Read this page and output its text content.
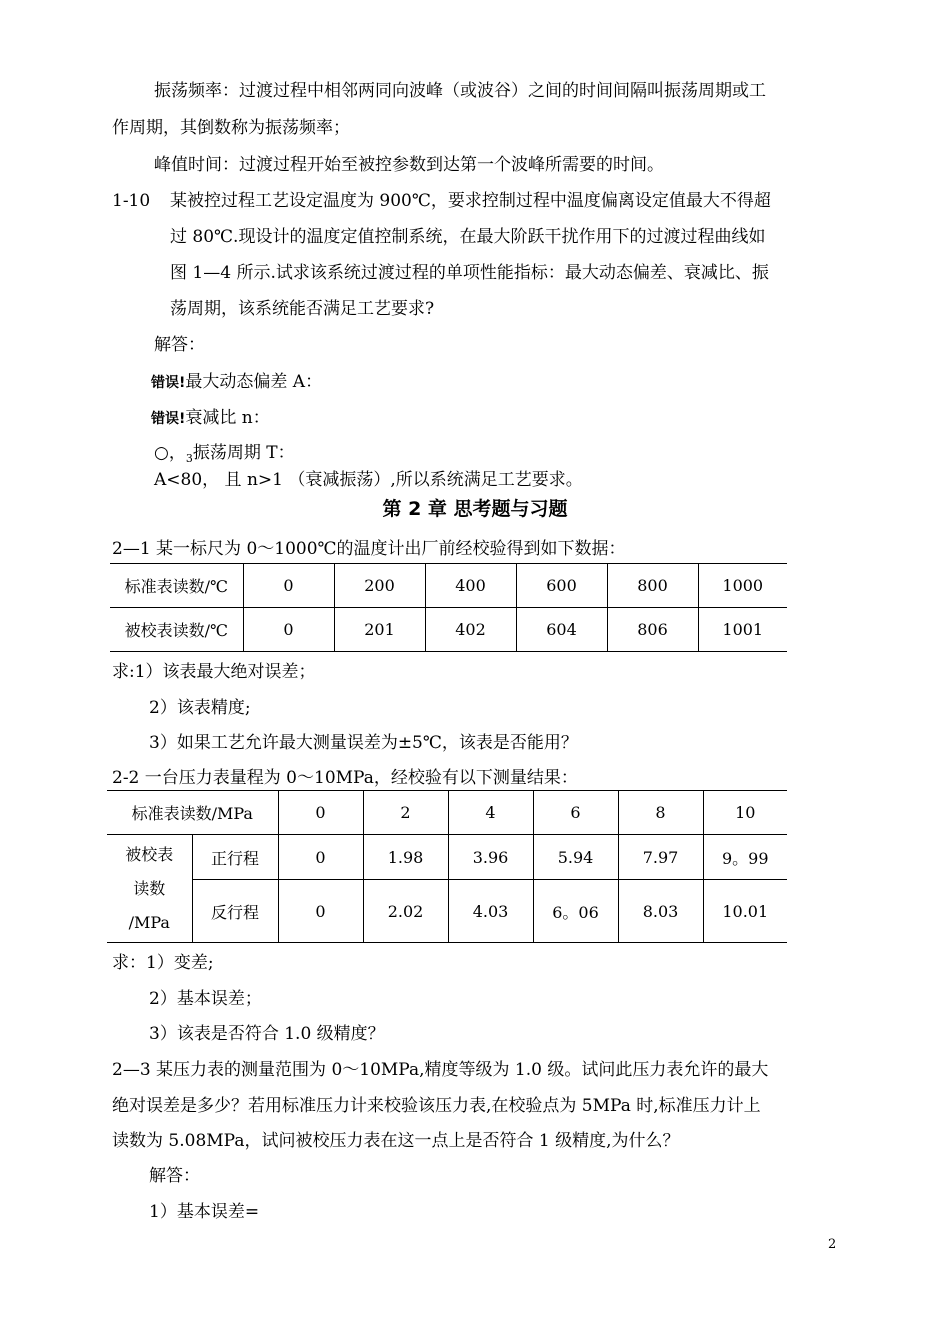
振荡频率：过渡过程中相邻两同向波峰（或波谷）之间的时间间隔叫振荡周期或工
作周期，其倒数称为振荡频率；
峰值时间：过渡过程开始至被控参数到达第一个波峰所需要的时间。
1-10 某被控过程工艺设定温度为 900℃，要求控制过程中温度偏离设定值最大不得超
过 80℃.现设计的温度定值控制系统，在最大阶跃干扰作用下的过渡过程曲线如
图 1—4 所示.试求该系统过渡过程的单项性能指标：最大动态偏差、衰减比、振
荡周期，该系统能否满足工艺要求?
解答：
错误!最大动态偏差 A：
错误!衰减比 n：
○，$_3$振荡周期 T：
A<80， 且 n>1 （衰减振荡）,所以系统满足工艺要求。
第 2 章 思考题与习题
2—1 某一标尺为 0～1000℃的温度计出厂前经校验得到如下数据：
标准表读数/℃	0	200	400	600	800	1000
被校表读数/℃	0	201	402	604	806	1001
求:1）该表最大绝对误差；
2）该表精度;
3）如果工艺允许最大测量误差为±5℃，该表是否能用？
2-2 一台压力表量程为 0～10MPa，经校验有以下测量结果：
标准表读数/MPa		0	2	4	6	8	10

被校表
读数
/MPa	正行程	0	1.98	3.96	5.94	7.97	9。99
	反行程	0	2.02	4.03	6。06	8.03	10.01
求：1）变差;
2）基本误差；
3）该表是否符合 1.0 级精度？
2—3 某压力表的测量范围为 0～10MPa,精度等级为 1.0 级。试问此压力表允许的最大
绝对误差是多少？若用标准压力计来校验该压力表,在校验点为 5MPa 时,标准压力计上
读数为 5.08MPa，试问被校压力表在这一点上是否符合 1 级精度,为什么？
解答：
1）基本误差=
2
